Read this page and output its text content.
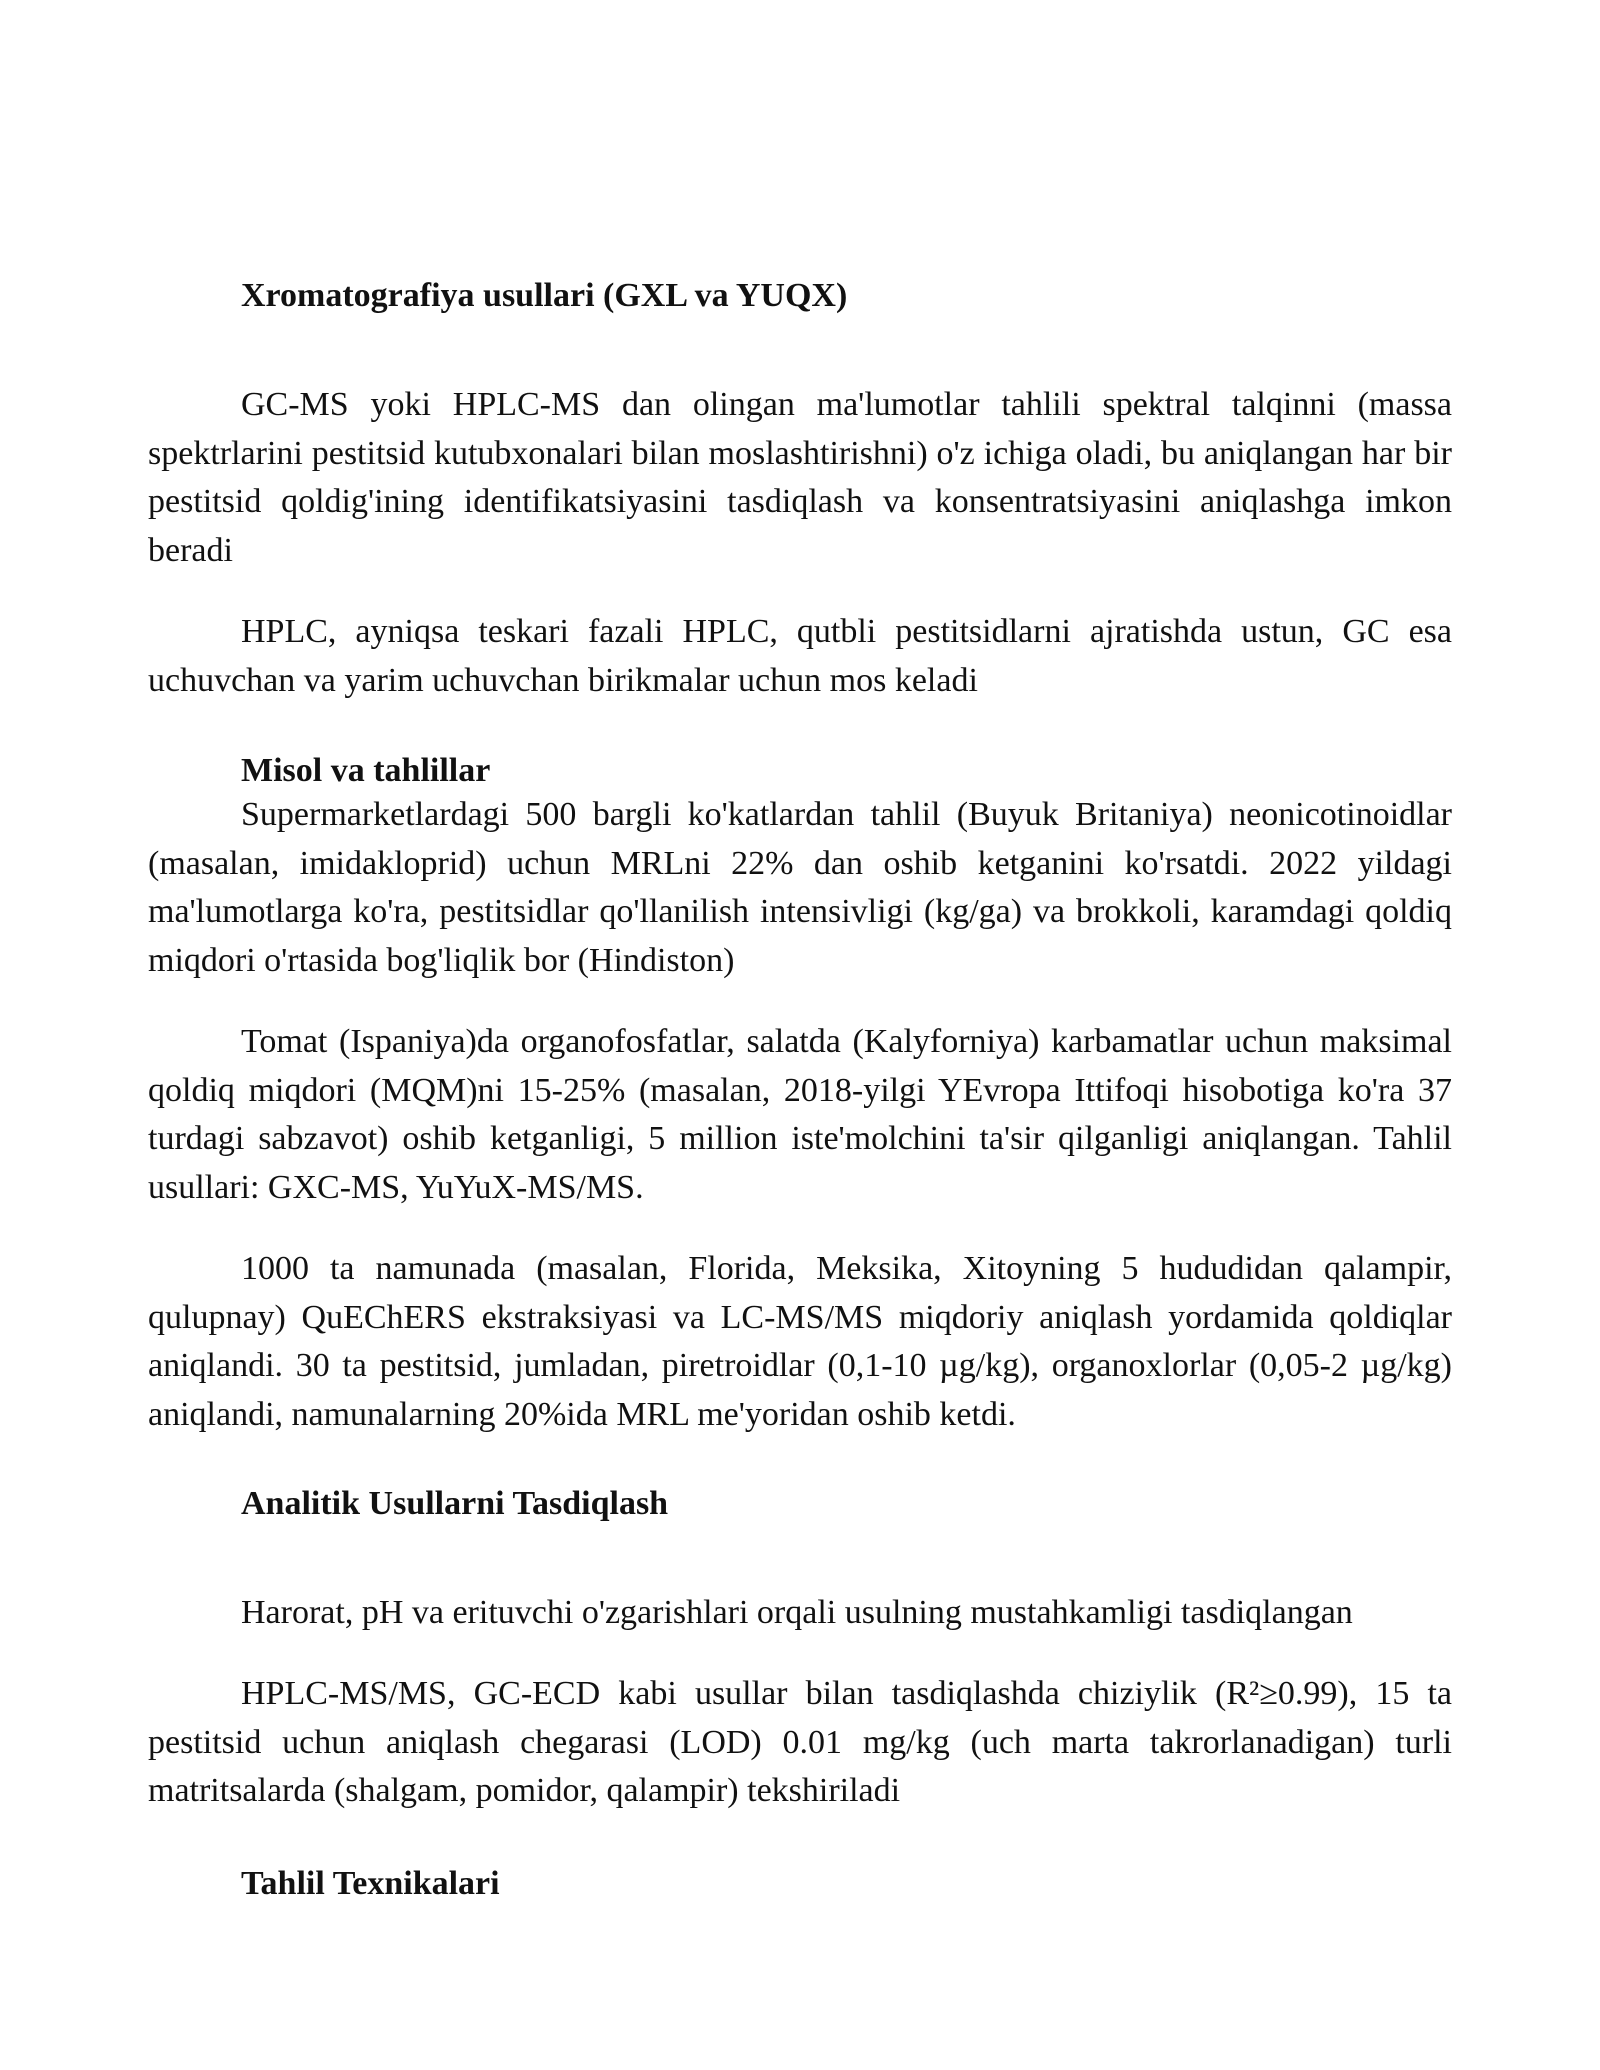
Xromatografiya usullari (GXL va YUQX)

GC-MS yoki HPLC-MS dan olingan ma'lumotlar tahlili spektral talqinni (massa spektrlarini pestitsid kutubxonalari bilan moslashtirishni) o'z ichiga oladi, bu aniqlangan har bir pestitsid qoldig'ining identifikatsiyasini tasdiqlash va konsentratsiyasini aniqlashga imkon beradi

HPLC, ayniqsa teskari fazali HPLC, qutbli pestitsidlarni ajratishda ustun, GC esa uchuvchan va yarim uchuvchan birikmalar uchun mos keladi

Misol va tahlillar

Supermarketlardagi 500 bargli ko'katlardan tahlil (Buyuk Britaniya) neonicotinoidlar (masalan, imidakloprid) uchun MRLni 22% dan oshib ketganini ko'rsatdi. 2022 yildagi ma'lumotlarga ko'ra, pestitsidlar qo'llanilish intensivligi (kg/ga) va brokkoli, karamdagi qoldiq miqdori o'rtasida bog'liqlik bor (Hindiston)

Tomat (Ispaniya)da organofosfatlar, salatda (Kalyforniya) karbamatlar uchun maksimal qoldiq miqdori (MQM)ni 15-25% (masalan, 2018-yilgi YEvropa Ittifoqi hisobotiga ko'ra 37 turdagi sabzavot) oshib ketganligi, 5 million iste'molchini ta'sir qilganligi aniqlangan. Tahlil usullari: GXC-MS, YuYuX-MS/MS.

1000 ta namunada (masalan, Florida, Meksika, Xitoyning 5 hududidan qalampir, qulupnay) QuEChERS ekstraksiyasi va LC-MS/MS miqdoriy aniqlash yordamida qoldiqlar aniqlandi. 30 ta pestitsid, jumladan, piretroidlar (0,1-10 µg/kg), organoxlorlar (0,05-2 µg/kg) aniqlandi, namunalarning 20%ida MRL me'yoridan oshib ketdi.

Analitik Usullarni Tasdiqlash

Harorat, pH va erituvchi o'zgarishlari orqali usulning mustahkamligi tasdiqlangan

HPLC-MS/MS, GC-ECD kabi usullar bilan tasdiqlashda chiziylik (R²≥0.99), 15 ta pestitsid uchun aniqlash chegarasi (LOD) 0.01 mg/kg (uch marta takrorlanadigan) turli matritsalarda (shalgam, pomidor, qalampir) tekshiriladi

Tahlil Texnikalari
